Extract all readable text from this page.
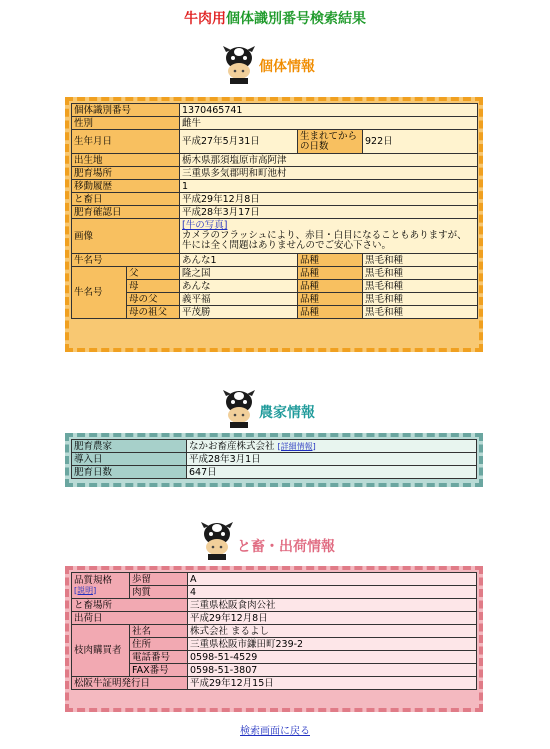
牛肉用個体識別番号検索結果
個体情報
個体識別番号		1370465741		
性別		雌牛		
生年月日		平成27年5月31日	生まれてからの日数	922日
出生地		栃木県那須塩原市高阿津		
肥育場所		三重県多気郡明和町池村		
移動履歴		1		
と畜日		平成29年12月8日		
肥育確認日		平成28年3月17日		
画像		[牛の写真]
カメラのフラッシュにより、赤目・白目になることもありますが、牛には全く問題はありませんのでご安心下さい。		
牛名号		あんな1	品種	黒毛和種
牛名号	父	隆之国	品種	黒毛和種
	母	あんな	品種	黒毛和種
	母の父	義平福	品種	黒毛和種
	母の祖父	平茂勝	品種	黒毛和種
農家情報
肥育農家	なかお畜産株式会社 [詳細情報]
導入日	平成28年3月1日
肥育日数	647日
と畜・出荷情報
品質規格
[説明]	歩留	A
	肉質	4
と畜場所		三重県松阪食肉公社
出荷日		平成29年12月8日
枝肉購買者	社名	株式会社 まるよし
	住所	三重県松阪市鎌田町239-2
	電話番号	0598-51-4529
	FAX番号	0598-51-3807
松阪牛証明発行日		平成29年12月15日
検索画面に戻る
